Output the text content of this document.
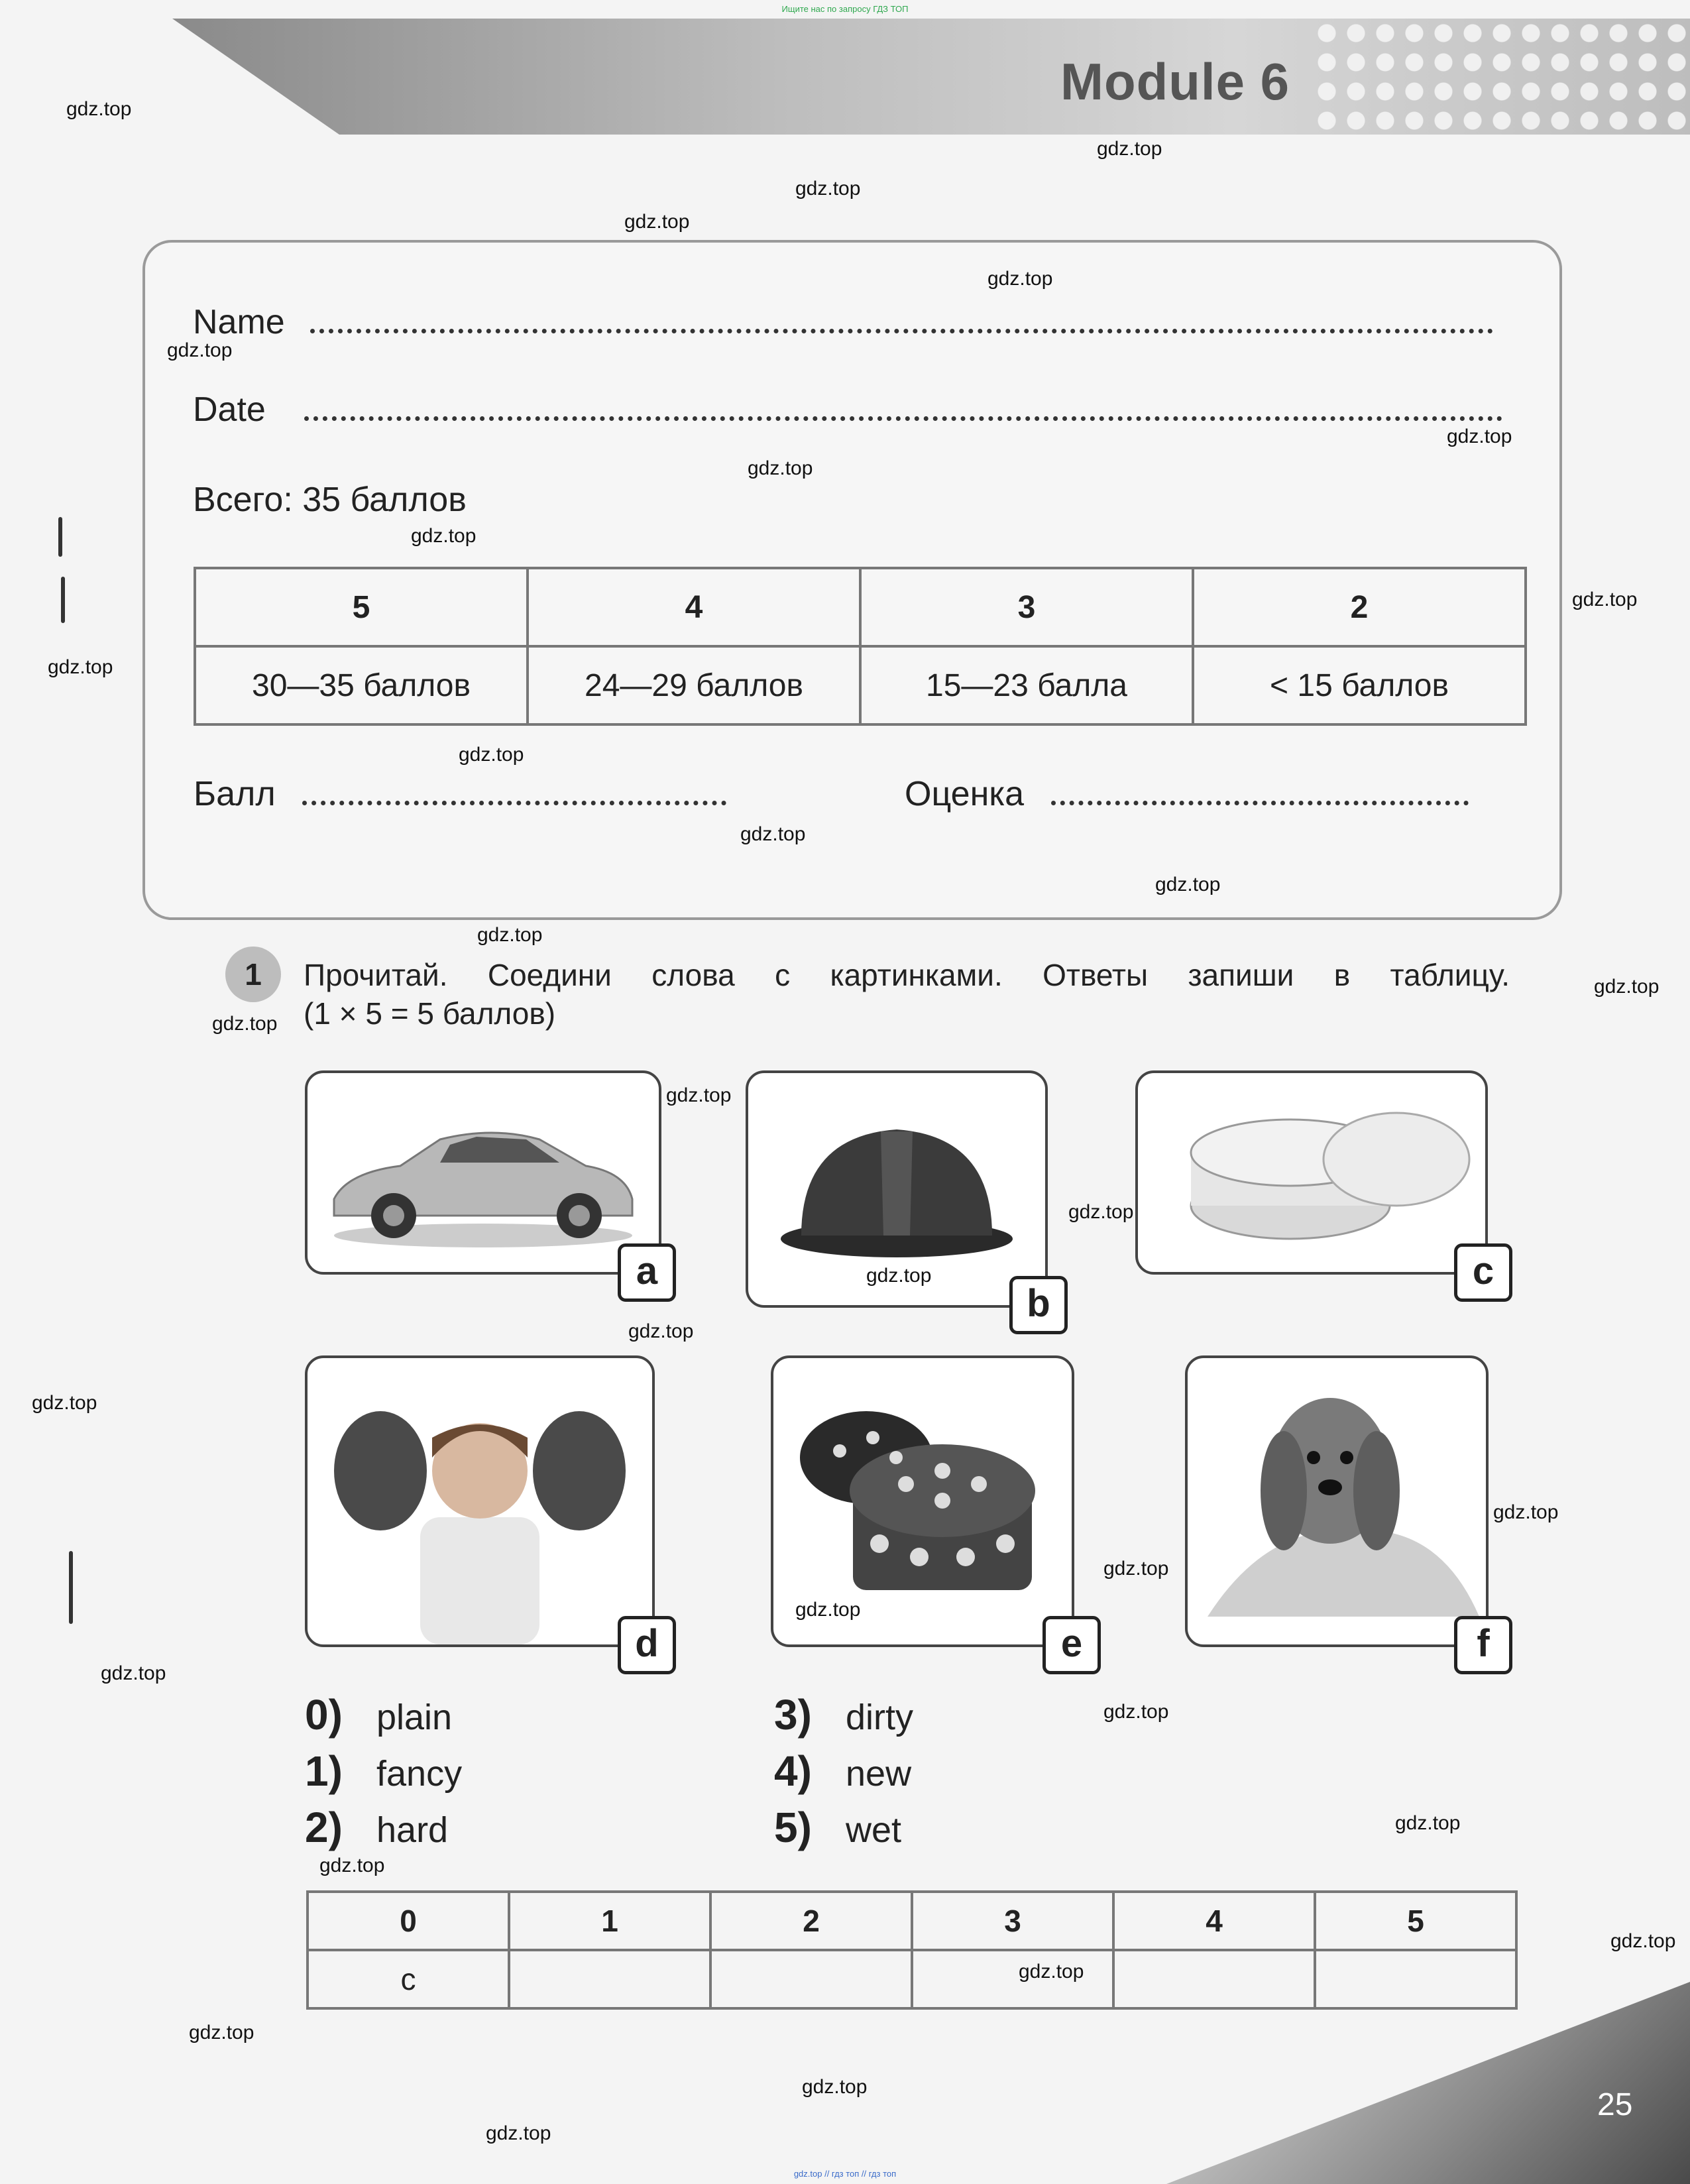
Ищите нас по запросу ГДЗ ТОП
Module 6
Name
Date
Всего: 35 баллов
5	4	3	2
30—35 баллов	24—29 баллов	15—23 балла	< 15 баллов
Балл	Оценка
1	Прочитай. Соедини слова с картинками. Ответы запиши в таблицу.
(1 × 5 = 5 баллов)
a
b
c
d	e	f
0) plain
1) fancy
2) hard
3) dirty
4) new
5) wet
0	1	2	3	4	5
c					
25
gdz.top
gdz.top
gdz.top
gdz.top
gdz.top
gdz.top
gdz.top
gdz.top
gdz.top
gdz.top
gdz.top
gdz.top
gdz.top
gdz.top
gdz.top
gdz.top
gdz.top
gdz.top
gdz.top
gdz.top
gdz.top
gdz.top
gdz.top
gdz.top
gdz.top
gdz.top
gdz.top
gdz.top
gdz.top
gdz.top
gdz.top
gdz.top
gdz.top
gdz.top
gdz.top // гдз топ // гдз топ
